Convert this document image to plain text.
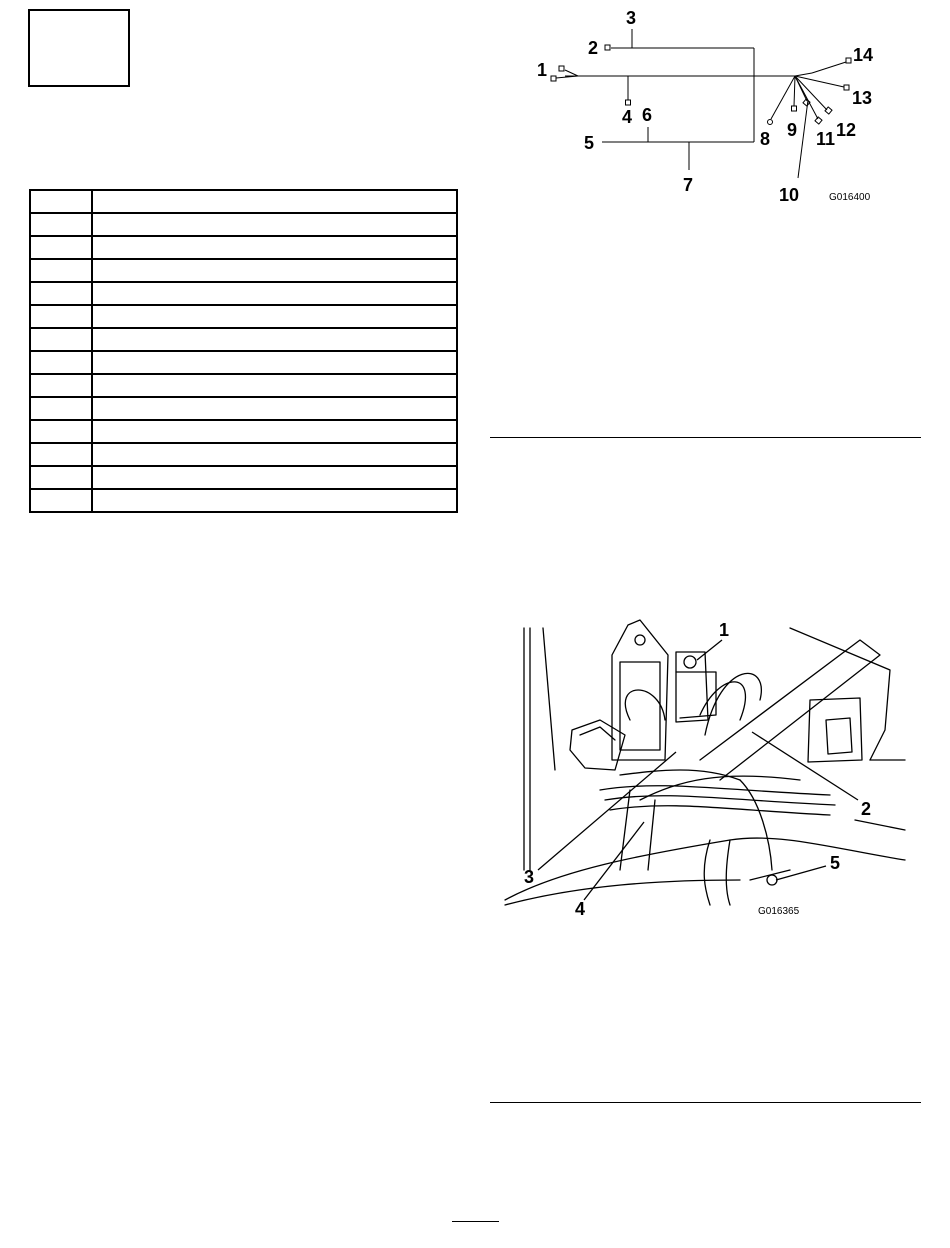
1
2
3
4
5
6
7
8 9
10
11 12
13
14
G016400
1
2
3
4
5
G016365
